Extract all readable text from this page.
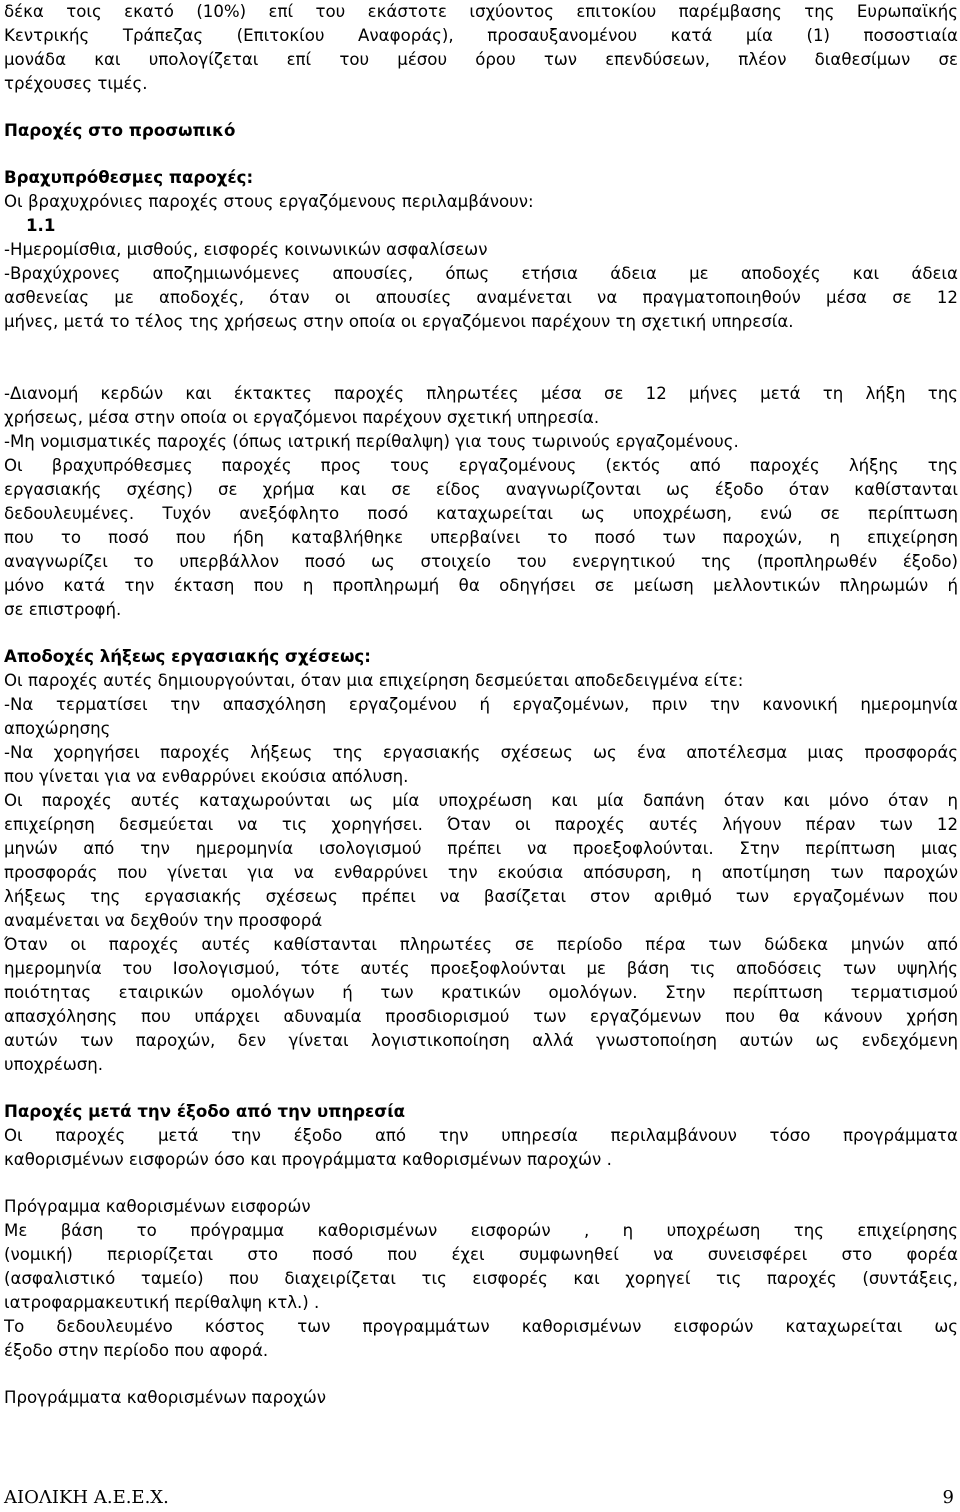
δέκα τοις εκατό (10%) επί του εκάστοτε ισχύοντος επιτοκίου παρέμβασης της Ευρωπαϊκής
Κεντρικής Τράπεζας (Επιτοκίου Αναφοράς), προσαυξανομένου κατά μία (1) ποσοστιαία
μονάδα και υπολογίζεται επί του μέσου όρου των επενδύσεων, πλέον διαθεσίμων σε
τρέχουσες τιμές.
Παροχές στο προσωπικό
Βραχυπρόθεσμες παροχές:
Οι βραχυχρόνιες παροχές στους εργαζόμενους περιλαμβάνουν:
1.1
-Ημερομίσθια, μισθούς, εισφορές κοινωνικών ασφαλίσεων
-Βραχύχρονες αποζημιωνόμενες απουσίες, όπως ετήσια άδεια με αποδοχές και άδεια
ασθενείας με αποδοχές, όταν οι απουσίες αναμένεται να πραγματοποιηθούν μέσα σε 12
μήνες, μετά το τέλος της χρήσεως στην οποία οι εργαζόμενοι παρέχουν τη σχετική υπηρεσία.
-Διανομή κερδών και έκτακτες παροχές πληρωτέες μέσα σε 12 μήνες μετά τη λήξη της
χρήσεως, μέσα στην οποία οι εργαζόμενοι παρέχουν σχετική υπηρεσία.
-Μη νομισματικές παροχές (όπως ιατρική περίθαλψη) για τους τωρινούς εργαζομένους.
Οι βραχυπρόθεσμες παροχές προς τους εργαζομένους (εκτός από παροχές λήξης της
εργασιακής σχέσης) σε χρήμα και σε είδος αναγνωρίζονται ως έξοδο όταν καθίστανται
δεδουλευμένες. Τυχόν ανεξόφλητο ποσό καταχωρείται ως υποχρέωση, ενώ σε περίπτωση
που το ποσό που ήδη καταβλήθηκε υπερβαίνει το ποσό των παροχών, η επιχείρηση
αναγνωρίζει το υπερβάλλον ποσό ως στοιχείο του ενεργητικού της (προπληρωθέν έξοδο)
μόνο κατά την έκταση που η προπληρωμή θα οδηγήσει σε μείωση μελλοντικών πληρωμών ή
σε επιστροφή.
Αποδοχές λήξεως εργασιακής σχέσεως:
Οι παροχές αυτές δημιουργούνται, όταν μια επιχείρηση δεσμεύεται αποδεδειγμένα είτε:
-Να τερματίσει την απασχόληση εργαζομένου ή εργαζομένων, πριν την κανονική ημερομηνία
αποχώρησης
-Να χορηγήσει παροχές λήξεως της εργασιακής σχέσεως ως ένα αποτέλεσμα μιας προσφοράς
που γίνεται για να ενθαρρύνει εκούσια απόλυση.
Οι παροχές αυτές καταχωρούνται ως μία υποχρέωση και μία δαπάνη όταν και μόνο όταν η
επιχείρηση δεσμεύεται να τις χορηγήσει. Όταν οι παροχές αυτές λήγουν πέραν των 12
μηνών από την ημερομηνία ισολογισμού πρέπει να προεξοφλούνται. Στην περίπτωση μιας
προσφοράς που γίνεται για να ενθαρρύνει την εκούσια απόσυρση, η αποτίμηση των παροχών
λήξεως της εργασιακής σχέσεως πρέπει να βασίζεται στον αριθμό των εργαζομένων που
αναμένεται να δεχθούν την προσφορά
Όταν οι παροχές αυτές καθίστανται πληρωτέες σε περίοδο πέρα των δώδεκα μηνών από
ημερομηνία του Ισολογισμού, τότε αυτές προεξοφλούνται με βάση τις αποδόσεις των υψηλής
ποιότητας εταιρικών ομολόγων ή των κρατικών ομολόγων. Στην περίπτωση τερματισμού
απασχόλησης που υπάρχει αδυναμία προσδιορισμού των εργαζόμενων που θα κάνουν χρήση
αυτών των παροχών, δεν γίνεται λογιστικοποίηση αλλά γνωστοποίηση αυτών ως ενδεχόμενη
υποχρέωση.
Παροχές μετά την έξοδο από την υπηρεσία
Οι παροχές μετά την έξοδο από την υπηρεσία περιλαμβάνουν τόσο προγράμματα
καθορισμένων εισφορών όσο και προγράμματα καθορισμένων παροχών .
Πρόγραμμα καθορισμένων εισφορών
Με βάση το πρόγραμμα καθορισμένων εισφορών , η υποχρέωση της επιχείρησης
(νομική) περιορίζεται στο ποσό που έχει συμφωνηθεί να συνεισφέρει στο φορέα
(ασφαλιστικό ταμείο) που διαχειρίζεται τις εισφορές και χορηγεί τις παροχές (συντάξεις,
ιατροφαρμακευτική περίθαλψη κτλ.) .
Το δεδουλευμένο κόστος των προγραμμάτων καθορισμένων εισφορών καταχωρείται ως
έξοδο στην περίοδο που αφορά.
Προγράμματα καθορισμένων παροχών
ΑΙΟΛΙΚΗ Α.Ε.Ε.Χ.	9
